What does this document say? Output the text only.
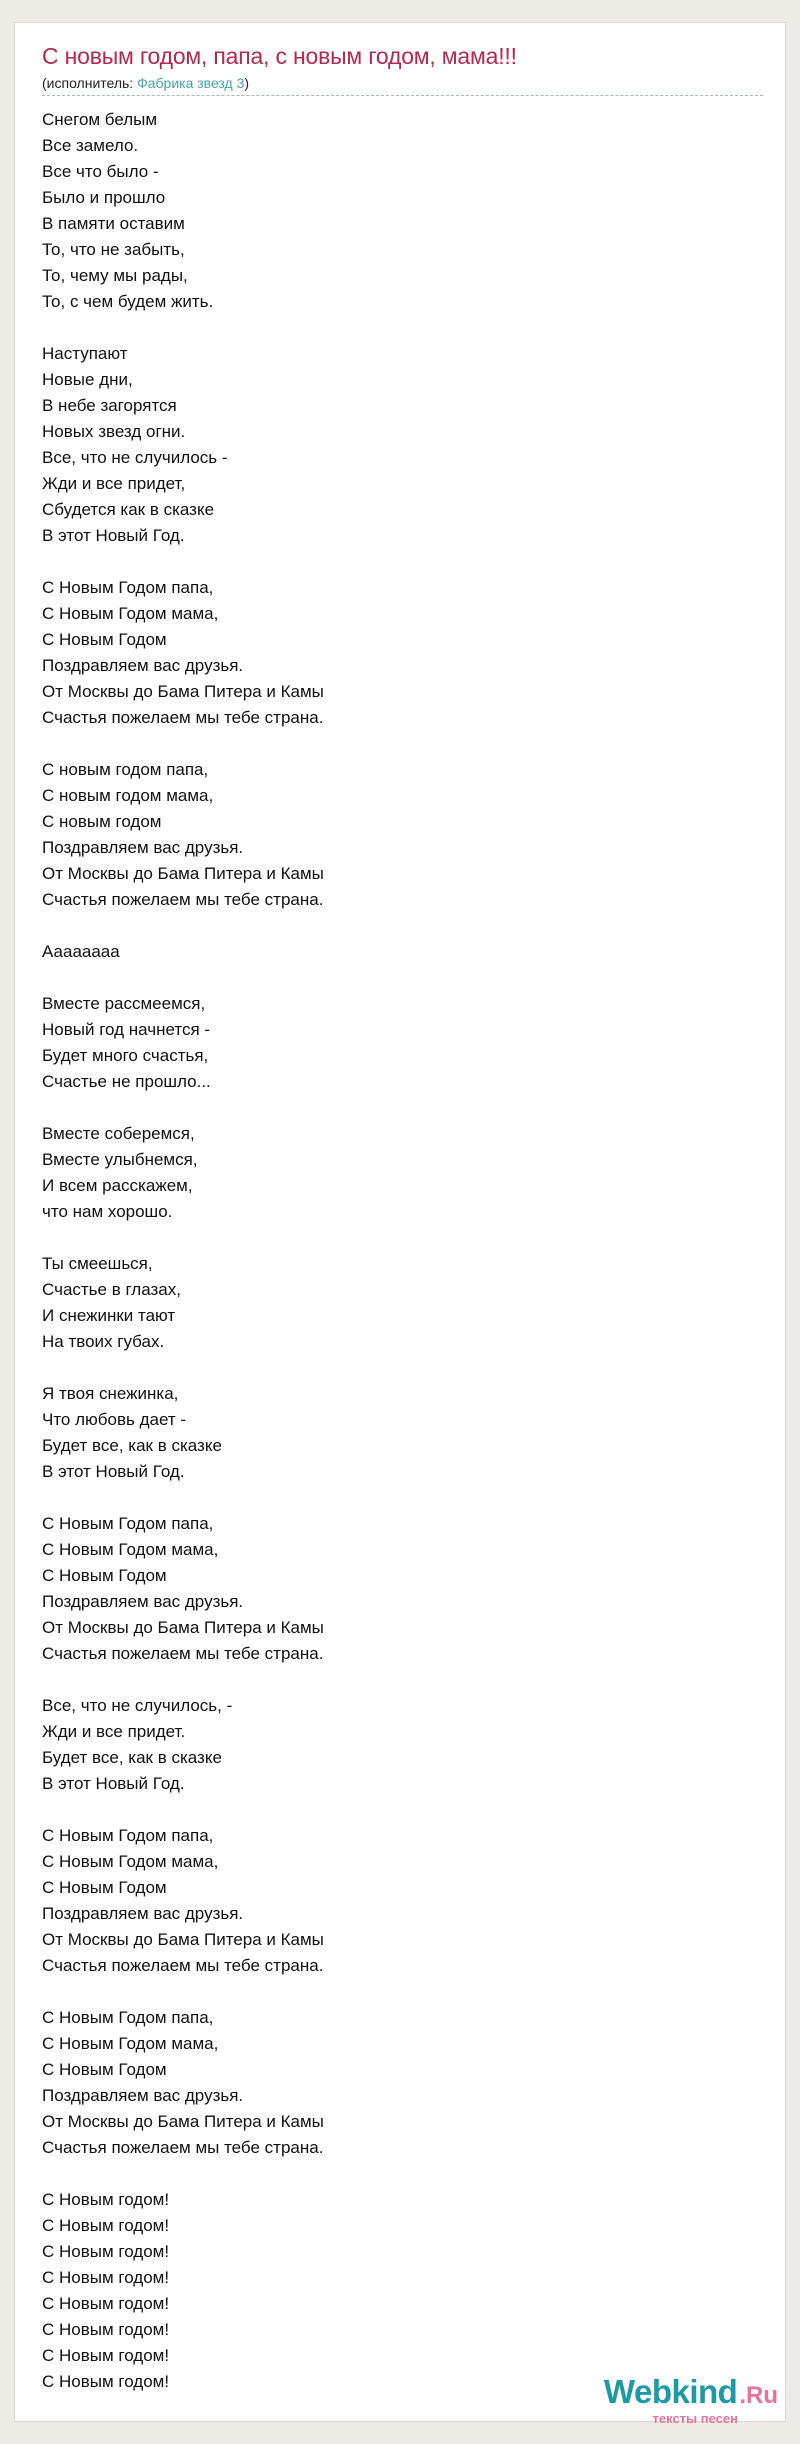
С новым годом, папа, с новым годом, мама!!!
(исполнитель: Фабрика звезд 3)
Снегом белым
Все замело.
Все что было -
Было и прошло
В памяти оставим
То, что не забыть,
То, чему мы рады,
То, с чем будем жить.
Наступают
Новые дни,
В небе загорятся
Новых звезд огни.
Все, что не случилось -
Жди и все придет,
Сбудется как в сказке
В этот Новый Год.
С Новым Годом папа,
С Новым Годом мама,
С Новым Годом
Поздравляем вас друзья.
От Москвы до Бама Питера и Камы
Счастья пожелаем мы тебе страна.
С новым годом папа,
С новым годом мама,
С новым годом
Поздравляем вас друзья.
От Москвы до Бама Питера и Камы
Счастья пожелаем мы тебе страна.
Аааааааа
Вместе рассмеемся,
Новый год начнется -
Будет много счастья,
Счастье не прошло...
Вместе соберемся,
Вместе улыбнемся,
И всем расскажем,
что нам хорошо.
Ты смеешься,
Счастье в глазах,
И снежинки тают
На твоих губах.
Я твоя снежинка,
Что любовь дает -
Будет все, как в сказке
В этот Новый Год.
С Новым Годом папа,
С Новым Годом мама,
С Новым Годом
Поздравляем вас друзья.
От Москвы до Бама Питера и Камы
Счастья пожелаем мы тебе страна.
Все, что не случилось, -
Жди и все придет.
Будет все, как в сказке
В этот Новый Год.
С Новым Годом папа,
С Новым Годом мама,
С Новым Годом
Поздравляем вас друзья.
От Москвы до Бама Питера и Камы
Счастья пожелаем мы тебе страна.
С Новым Годом папа,
С Новым Годом мама,
С Новым Годом
Поздравляем вас друзья.
От Москвы до Бама Питера и Камы
Счастья пожелаем мы тебе страна.
С Новым годом!
С Новым годом!
С Новым годом!
С Новым годом!
С Новым годом!
С Новым годом!
С Новым годом!
С Новым годом!	Webkind .Ru
тексты песен
